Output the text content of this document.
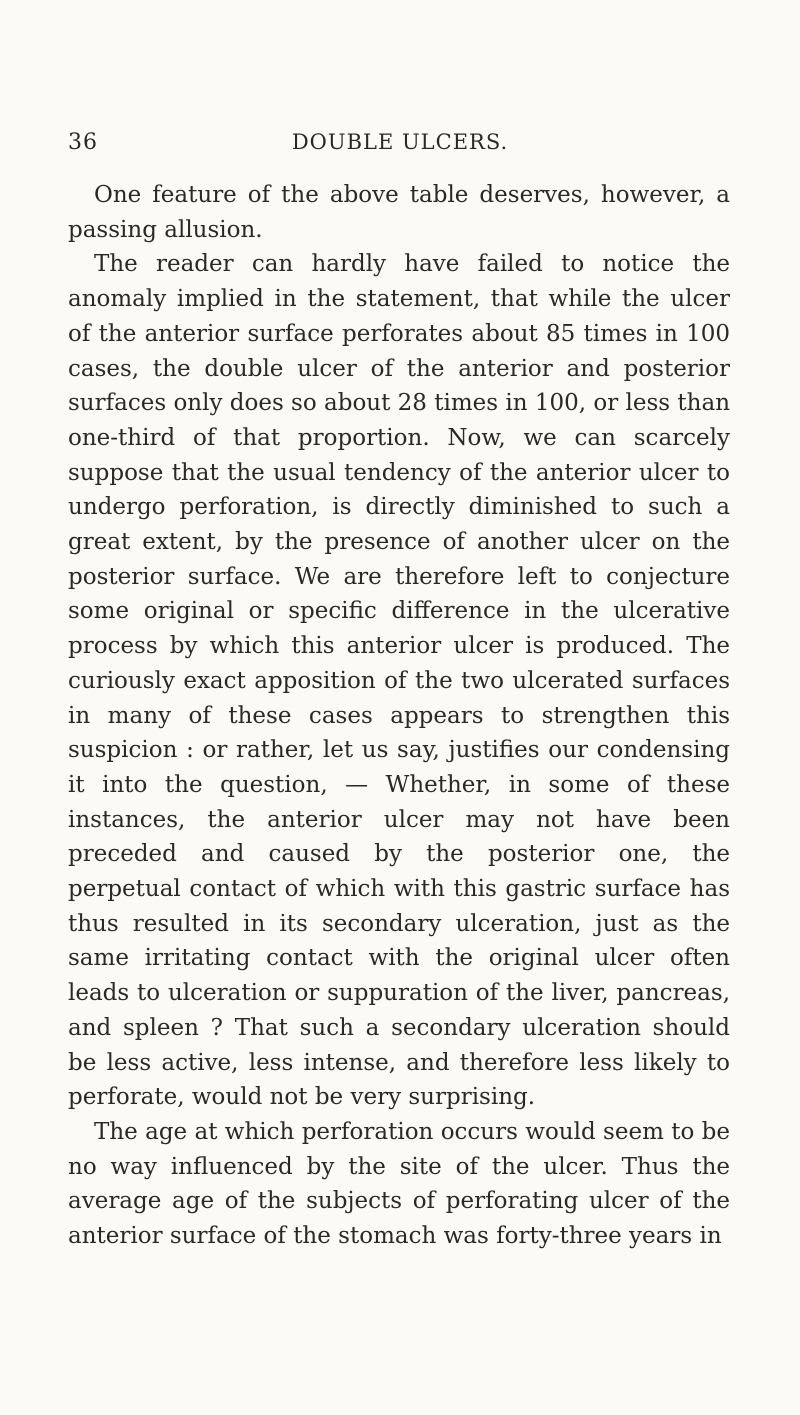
36	DOUBLE ULCERS.

One feature of the above table deserves, however, a passing allusion.

The reader can hardly have failed to notice the anomaly implied in the statement, that while the ulcer of the anterior surface perforates about 85 times in 100 cases, the double ulcer of the anterior and posterior surfaces only does so about 28 times in 100, or less than one-third of that proportion. Now, we can scarcely suppose that the usual tendency of the anterior ulcer to undergo perforation, is directly diminished to such a great extent, by the presence of another ulcer on the posterior surface. We are therefore left to conjecture some original or specific difference in the ulcerative process by which this anterior ulcer is produced. The curiously exact apposition of the two ulcerated surfaces in many of these cases appears to strengthen this suspicion : or rather, let us say, justifies our condensing it into the question, — Whether, in some of these instances, the anterior ulcer may not have been preceded and caused by the posterior one, the perpetual contact of which with this gastric surface has thus resulted in its secondary ulceration, just as the same irritating contact with the original ulcer often leads to ulceration or suppuration of the liver, pancreas, and spleen ? That such a secondary ulceration should be less active, less intense, and therefore less likely to perforate, would not be very surprising.

The age at which perforation occurs would seem to be no way influenced by the site of the ulcer. Thus the average age of the subjects of perforating ulcer of the anterior surface of the stomach was forty-three years in
